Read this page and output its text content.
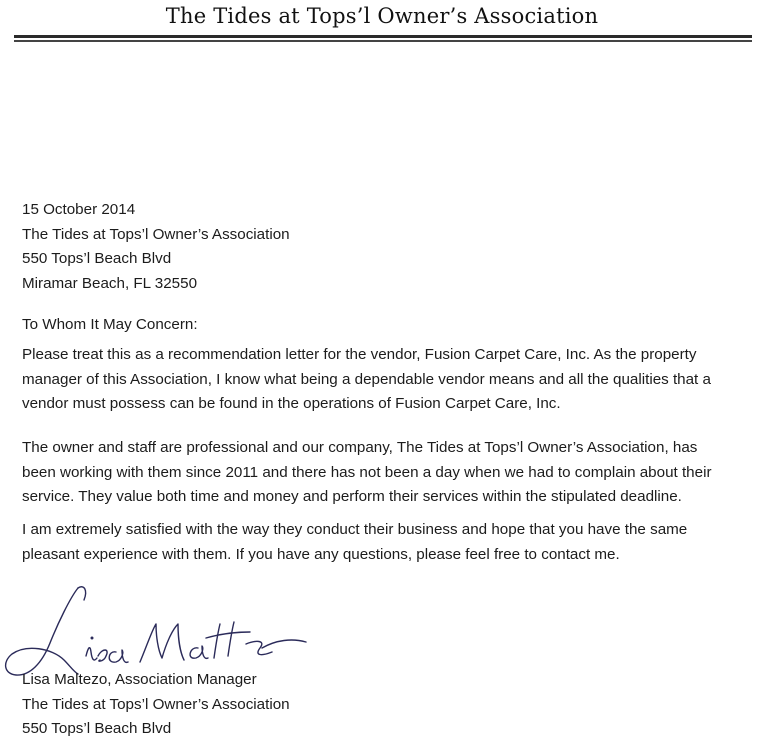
The Tides at Tops’l Owner’s Association
15 October 2014
The Tides at Tops’l Owner’s Association
550 Tops’l Beach Blvd
Miramar Beach, FL 32550
To Whom It May Concern:
Please treat this as a recommendation letter for the vendor, Fusion Carpet Care, Inc. As the property
manager of this Association, I know what being a dependable vendor means and all the qualities that a
vendor must possess can be found in the operations of Fusion Carpet Care, Inc.
The owner and staff are professional and our company, The Tides at Tops’l Owner’s Association, has
been working with them since 2011 and there has not been a day when we had to complain about their
service. They value both time and money and perform their services within the stipulated deadline.
I am extremely satisfied with the way they conduct their business and hope that you have the same
pleasant experience with them. If you have any questions, please feel free to contact me.
Lisa Maltezo, Association Manager
The Tides at Tops’l Owner’s Association
550 Tops’l Beach Blvd
